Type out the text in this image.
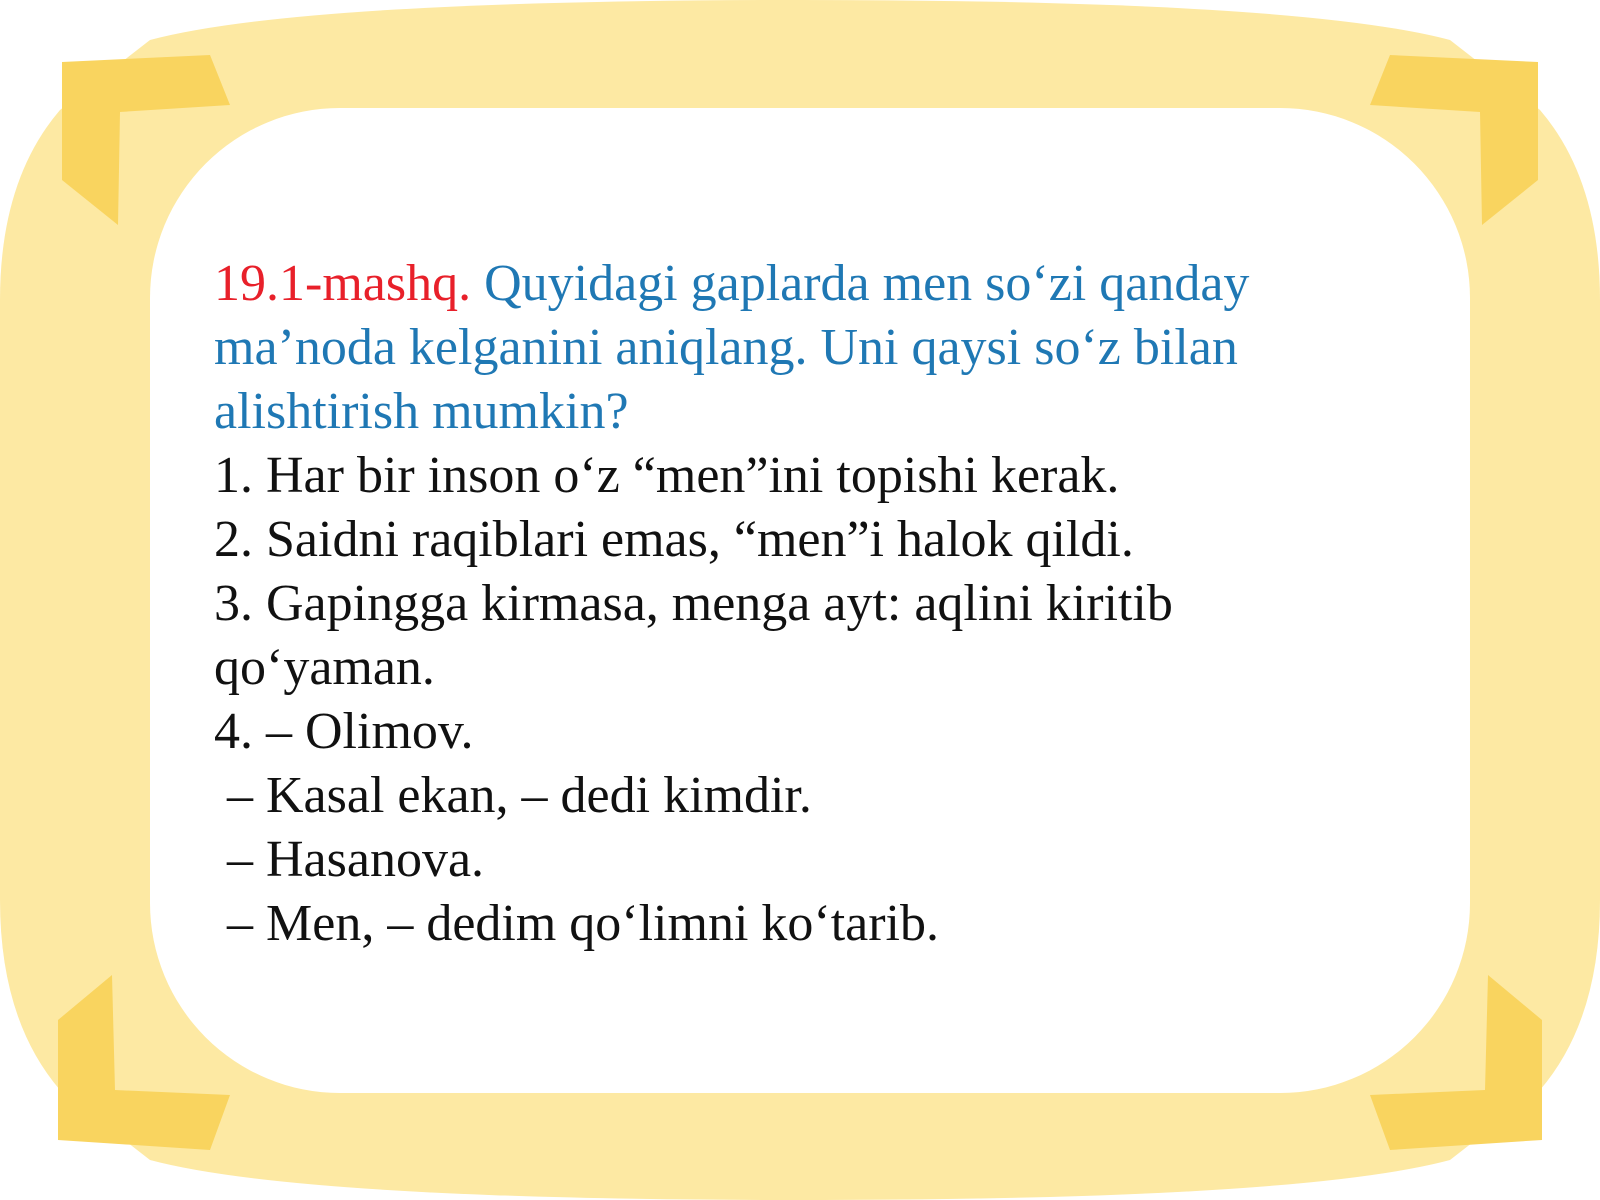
19.1-mashq. Quyidagi gaplarda men so‘zi qanday ma’noda kelganini aniqlang. Uni qaysi so‘z bilan alishtirish mumkin?

1. Har bir inson o‘z “men”ini topishi kerak.

2. Saidni raqiblari emas, “men”i halok qildi.

3. Gapingga kirmasa, menga ayt: aqlini kiritib

qo‘yaman.

4. – Olimov.

– Kasal ekan, – dedi kimdir.

– Hasanova.

– Men, – dedim qo‘limni ko‘tarib.
